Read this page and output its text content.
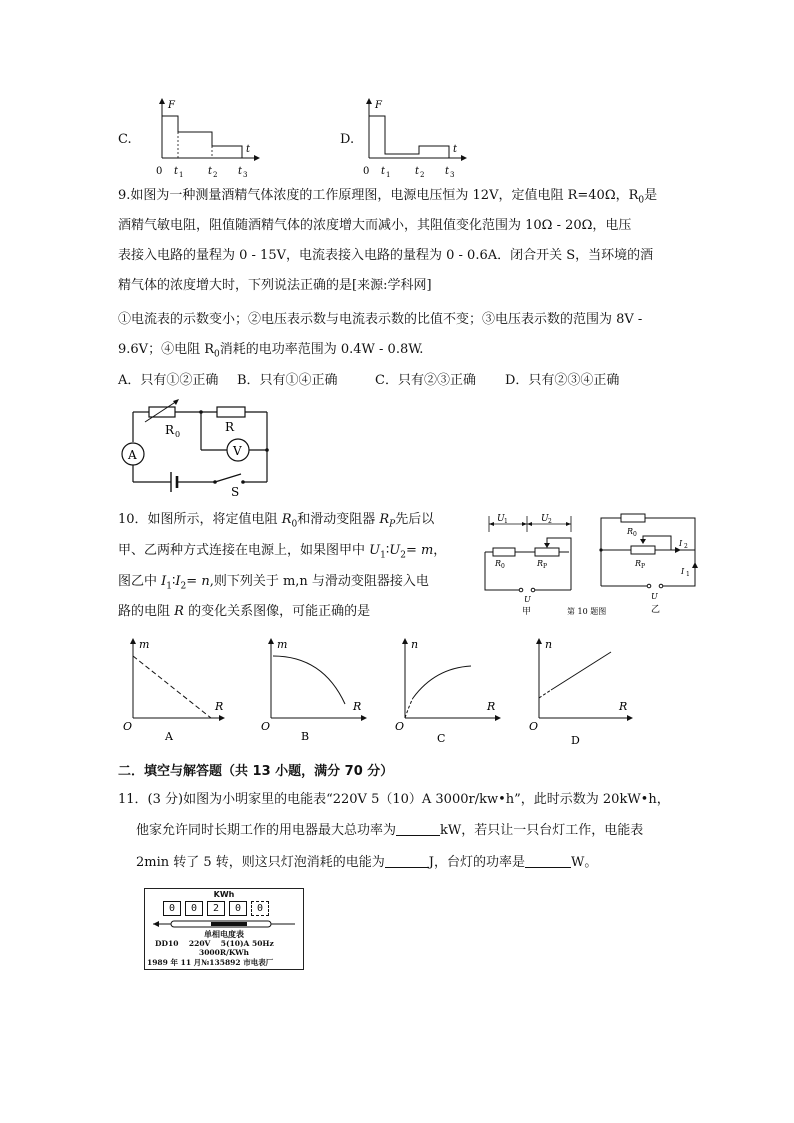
C.
F
t
0 t 1 t 2 t 3
D.
F
t
0 t 1 t 2 t 3
9.如图为一种测量酒精气体浓度的工作原理图，电源电压恒为 12V，定值电阻 R=40Ω，$R_0$是
酒精气敏电阻，阻值随酒精气体的浓度增大而减小，其阻值变化范围为 10Ω - 20Ω，电压
表接入电路的量程为 0 - 15V，电流表接入电路的量程为 0 - 0.6A．闭合开关 S，当环境的酒
精气体的浓度增大时，下列说法正确的是[来源:学科网]
①电流表的示数变小；②电压表示数与电流表示数的比值不变；③电压表示数的范围为 8V -
9.6V；④电阻 $R_0$消耗的电功率范围为 0.4W - 0.8W.
A．只有①②正确 B．只有①④正确	C．只有②③正确 D．只有②③④正确
R 0
R
V
A
S
10．如图所示，将定值电阻 $R_0$和滑动变阻器 $R_P$先后以
甲、乙两种方式连接在电源上，如果图甲中 $U_1∶U_2= m$，
图乙中 $I_1∶I_2= n$,则下列关于 m,n 与滑动变阻器接入电
路的电阻 R 的变化关系图像，可能正确的是
U 1	U 2
R 0	R P
U
甲	第 10 题图
R 0
R P
I 2
I 1
U
乙
m
R
O
A
m
R
O
B
n
R
O
C
n
R
O
D
二．填空与解答题（共 13 小题，满分 70 分）
11．(3 分)如图为小明家里的电能表“220V 5（10）A 3000r/kw•h”，此时示数为 20kW•h，
他家允许同时长期工作的用电器最大总功率为	kW，若只让一只台灯工作，电能表
2min 转了 5 转，则这只灯泡消耗的电能为	J，台灯的功率是	W。
KWh
0	0	2	0	0
单相电度表
DD10    220V    5(10)A 50Hz
3000R/KWh
1989 年 11 月№135892 市电表厂
